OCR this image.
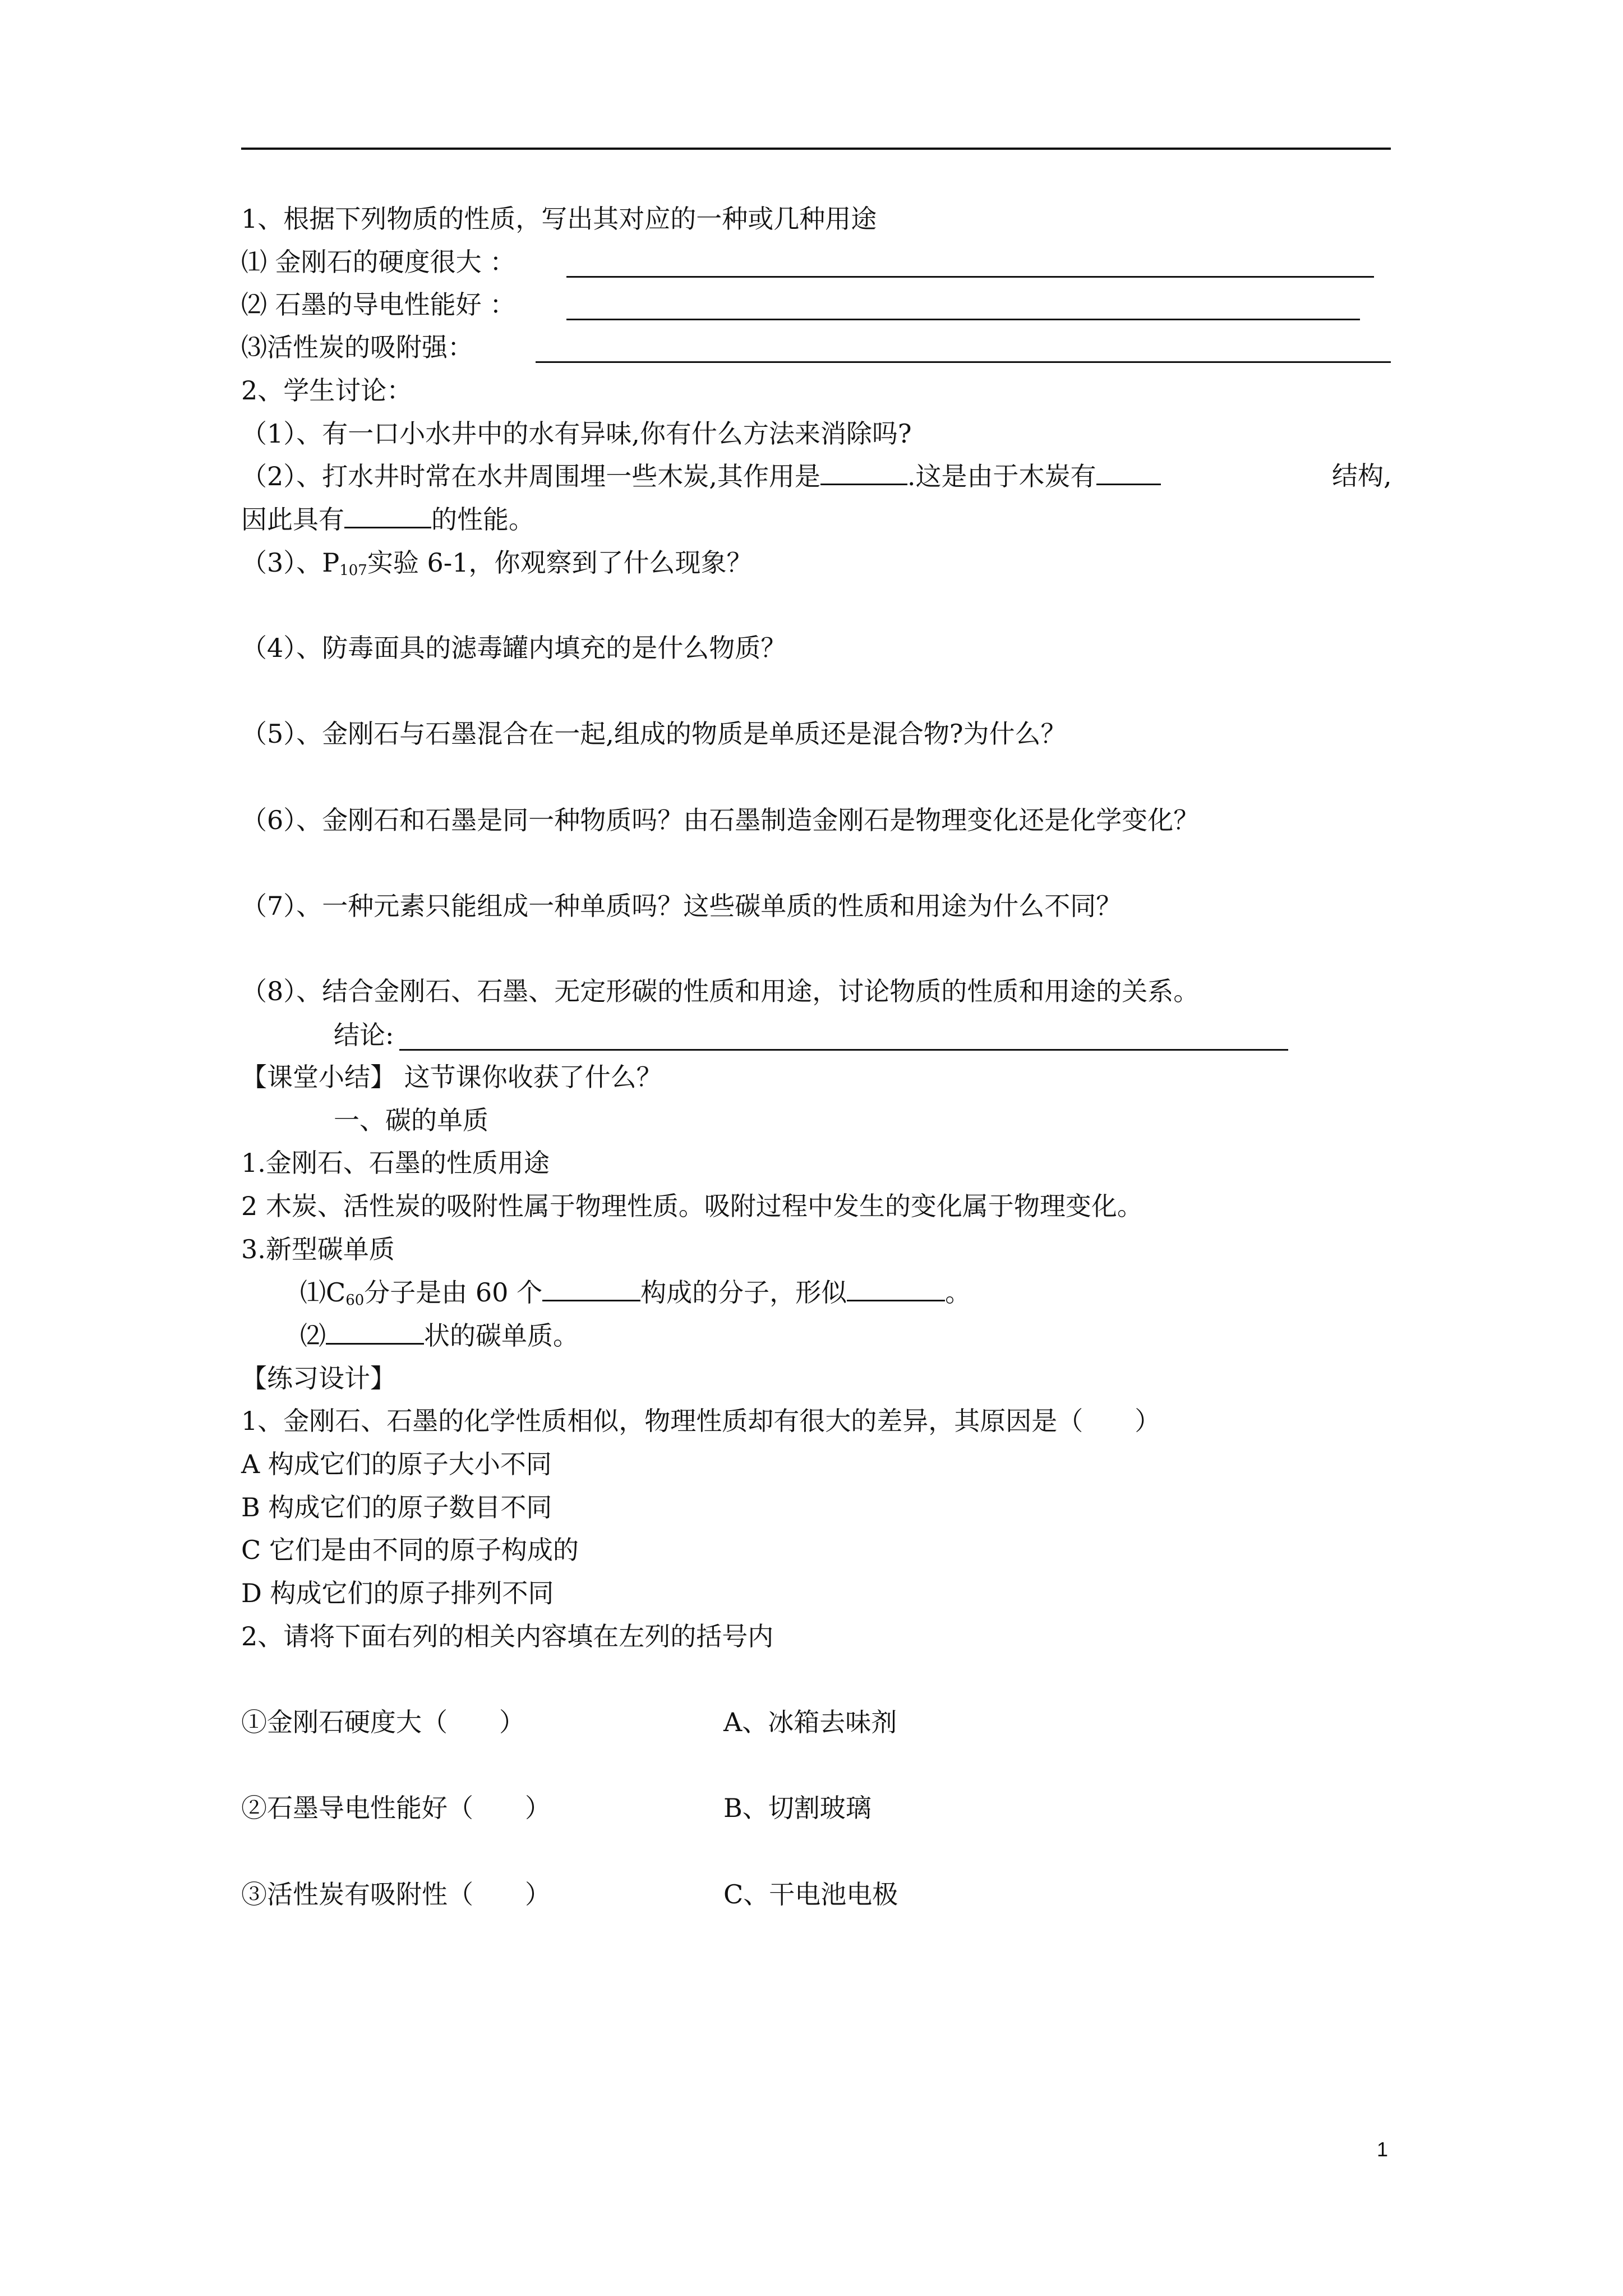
1、根据下列物质的性质，写出其对应的一种或几种用途
⑴ 金刚石的硬度很大 ：
⑵ 石墨的导电性能好 ：
⑶活性炭的吸附强：
2、学生讨论：
（1）、有一口小水井中的水有异味,你有什么方法来消除吗?
（2）、打水井时常在水井周围埋一些木炭,其作用是	.这是由于木炭有	结构,
因此具有	的性能。
（3）、$P_{107}$实验 6-1，你观察到了什么现象？
（4）、防毒面具的滤毒罐内填充的是什么物质？
（5）、金刚石与石墨混合在一起,组成的物质是单质还是混合物?为什么？
（6）、金刚石和石墨是同一种物质吗？由石墨制造金刚石是物理变化还是化学变化？
（7）、一种元素只能组成一种单质吗？这些碳单质的性质和用途为什么不同？
（8）、结合金刚石、石墨、无定形碳的性质和用途，讨论物质的性质和用途的关系。
结论:
【课堂小结】 这节课你收获了什么？
一、碳的单质
1.金刚石、石墨的性质用途
2 木炭、活性炭的吸附性属于物理性质。吸附过程中发生的变化属于物理变化。
3.新型碳单质
$⑴C_{60}$分子是由 60 个	构成的分子，形似	。
⑵	状的碳单质。
【练习设计】
1、金刚石、石墨的化学性质相似，物理性质却有很大的差异，其原因是（　　）
A 构成它们的原子大小不同
B 构成它们的原子数目不同
C 它们是由不同的原子构成的
D 构成它们的原子排列不同
2、请将下面右列的相关内容填在左列的括号内
①金刚石硬度大（　　）	A、冰箱去味剂
②石墨导电性能好（　　）	B、切割玻璃
③活性炭有吸附性（　　）	C、干电池电极
1
